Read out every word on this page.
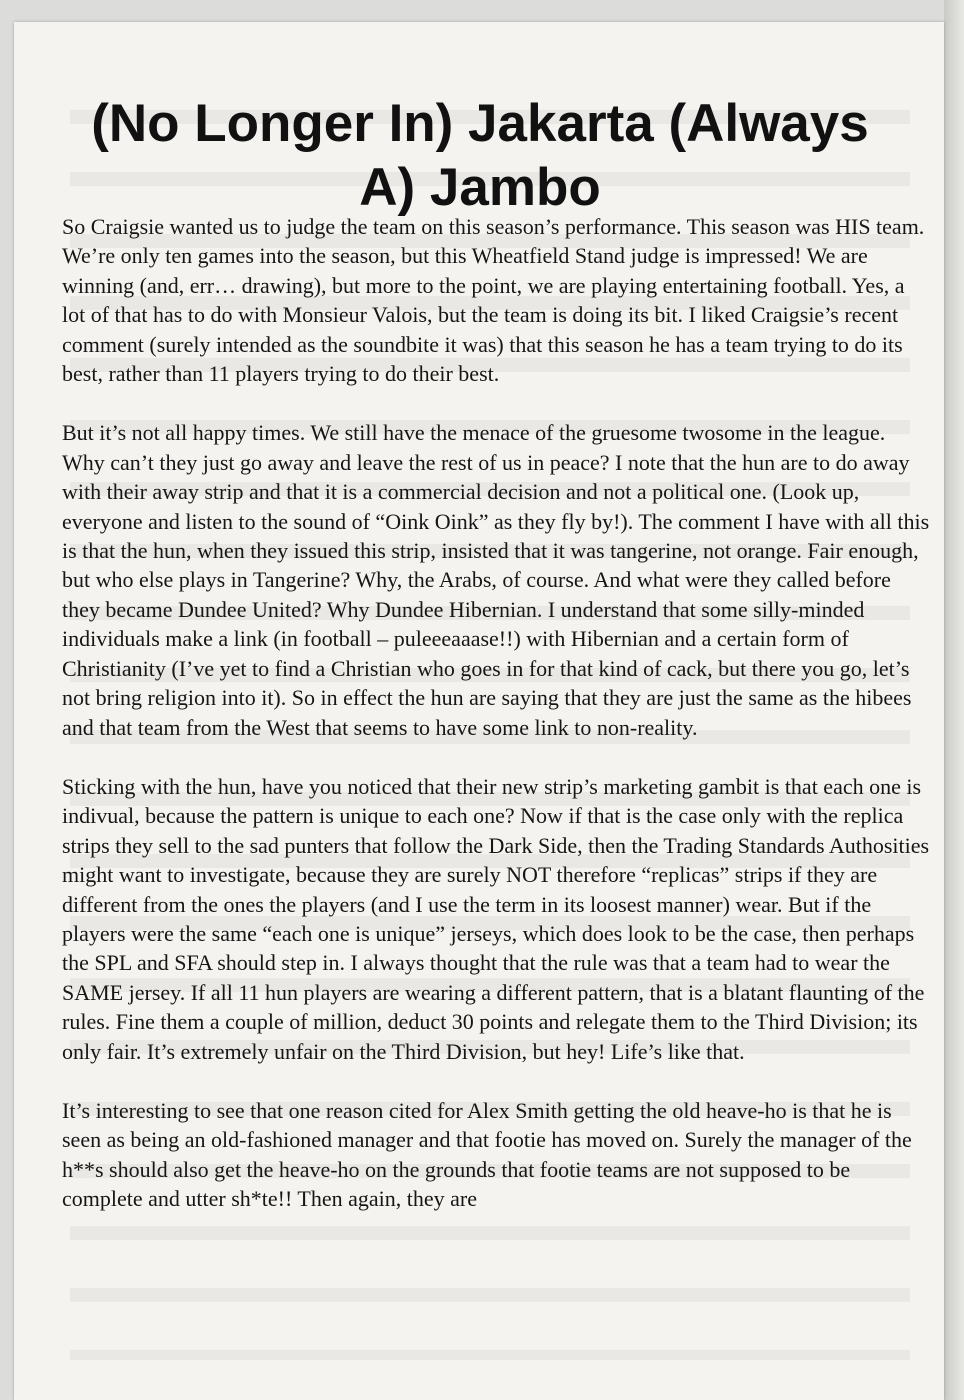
(No Longer In) Jakarta (Always
A) Jambo

So Craigsie wanted us to judge the team on this season’s performance. This season was HIS team. We’re only ten games into the season, but this Wheatfield Stand judge is impressed! We are winning (and, err… drawing), but more to the point, we are playing entertaining football. Yes, a lot of that has to do with Monsieur Valois, but the team is doing its bit. I liked Craigsie’s recent comment (surely intended as the soundbite it was) that this season he has a team trying to do its best, rather than 11 players trying to do their best.

But it’s not all happy times. We still have the menace of the gruesome twosome in the league. Why can’t they just go away and leave the rest of us in peace? I note that the hun are to do away with their away strip and that it is a commercial decision and not a political one. (Look up, everyone and listen to the sound of “Oink Oink” as they fly by!). The comment I have with all this is that the hun, when they issued this strip, insisted that it was tangerine, not orange. Fair enough, but who else plays in Tangerine? Why, the Arabs, of course. And what were they called before they became Dundee United? Why Dundee Hibernian. I understand that some silly-minded individuals make a link (in football – puleeeaaase!!) with Hibernian and a certain form of Christianity (I’ve yet to find a Christian who goes in for that kind of cack, but there you go, let’s not bring religion into it). So in effect the hun are saying that they are just the same as the hibees and that team from the West that seems to have some link to non-reality.

Sticking with the hun, have you noticed that their new strip’s marketing gambit is that each one is indivual, because the pattern is unique to each one? Now if that is the case only with the replica strips they sell to the sad punters that follow the Dark Side, then the Trading Standards Authosities might want to investigate, because they are surely NOT therefore “replicas” strips if they are different from the ones the players (and I use the term in its loosest manner) wear. But if the players were the same “each one is unique” jerseys, which does look to be the case, then perhaps the SPL and SFA should step in. I always thought that the rule was that a team had to wear the SAME jersey. If all 11 hun players are wearing a different pattern, that is a blatant flaunting of the rules. Fine them a couple of million, deduct 30 points and relegate them to the Third Division; its only fair. It’s extremely unfair on the Third Division, but hey! Life’s like that.

It’s interesting to see that one reason cited for Alex Smith getting the old heave-ho is that he is seen as being an old-fashioned manager and that footie has moved on. Surely the manager of the h**s should also get the heave-ho on the grounds that footie teams are not supposed to be complete and utter sh*te!! Then again, they are
